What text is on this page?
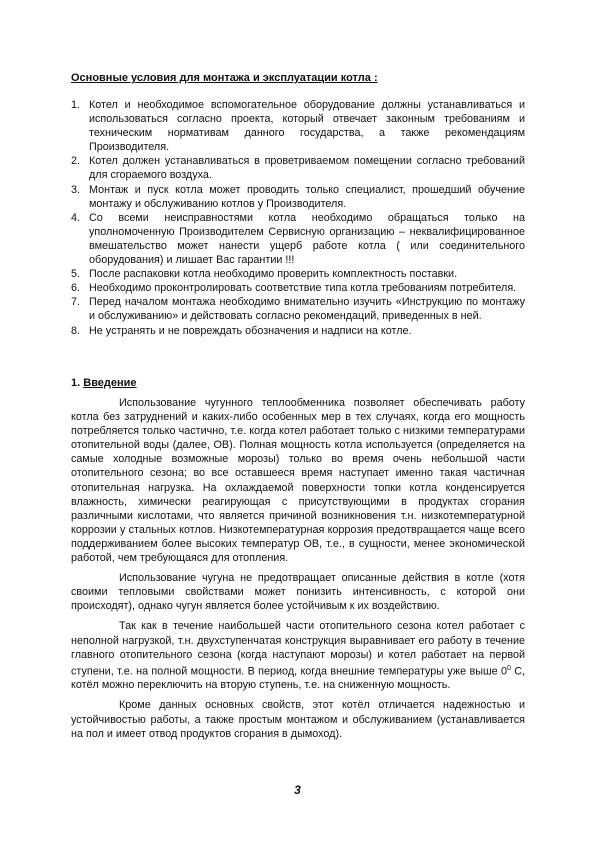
Основные условия для монтажа и эксплуатации котла :
1. Котел и необходимое вспомогательное оборудование должны устанавливаться и использоваться согласно проекта, который отвечает законным требованиям и техническим нормативам данного государства, а также рекомендациям Производителя.
2. Котел должен устанавливаться в проветриваемом помещении согласно требований для сгораемого воздуха.
3. Монтаж и пуск котла может проводить только специалист, прошедший обучение монтажу и обслуживанию котлов у Производителя.
4. Со всеми неисправностями котла необходимо обращаться только на уполномоченную Производителем Сервисную организацию – неквалифицированное вмешательство может нанести ущерб работе котла ( или соединительного оборудования) и лишает Вас гарантии !!!
5. После распаковки котла необходимо проверить комплектность поставки.
6. Необходимо проконтролировать соответствие типа котла требованиям потребителя.
7. Перед началом монтажа необходимо внимательно изучить «Инструкцию по монтажу и обслуживанию» и действовать согласно рекомендаций, приведенных в ней.
8. Не устранять и не повреждать обозначения и надписи на котле.
1. Введение

Использование чугунного теплообменника позволяет обеспечивать работу котла без затруднений и каких-либо особенных мер в тех случаях, когда его мощность потребляется только частично, т.е. когда котел работает только с низкими температурами отопительной воды (далее, ОВ). Полная мощность котла используется (определяется на самые холодные возможные морозы) только во время очень небольшой части отопительного сезона; во все оставшееся время наступает именно такая частичная отопительная нагрузка. На охлаждаемой поверхности топки котла конденсируется влажность, химически реагирующая с присутствующими в продуктах сгорания различными кислотами, что является причиной возникновения т.н. низкотемпературной коррозии у стальных котлов. Низкотемпературная коррозия предотвращается чаще всего поддерживанием более высоких температур ОВ, т.е., в сущности, менее экономической работой, чем требующаяся для отопления.

Использование чугуна не предотвращает описанные действия в котле (хотя своими тепловыми свойствами может понизить интенсивность, с которой они происходят), однако чугун является более устойчивым к их воздействию.

Так как в течение наибольшей части отопительного сезона котел работает с неполной нагрузкой, т.н. двухступенчатая конструкция выравнивает его работу в течение главного отопительного сезона (когда наступают морозы) и котел работает на первой ступени, т.е. на полной мощности. В период, когда внешние температуры уже выше $0^0$ С, котёл можно переключить на вторую ступень, т.е. на сниженную мощность.

Кроме данных основных свойств, этот котёл отличается надежностью и устойчивостью работы, а также простым монтажом и обслуживанием (устанавливается на пол и имеет отвод продуктов сгорания в дымоход).

3
